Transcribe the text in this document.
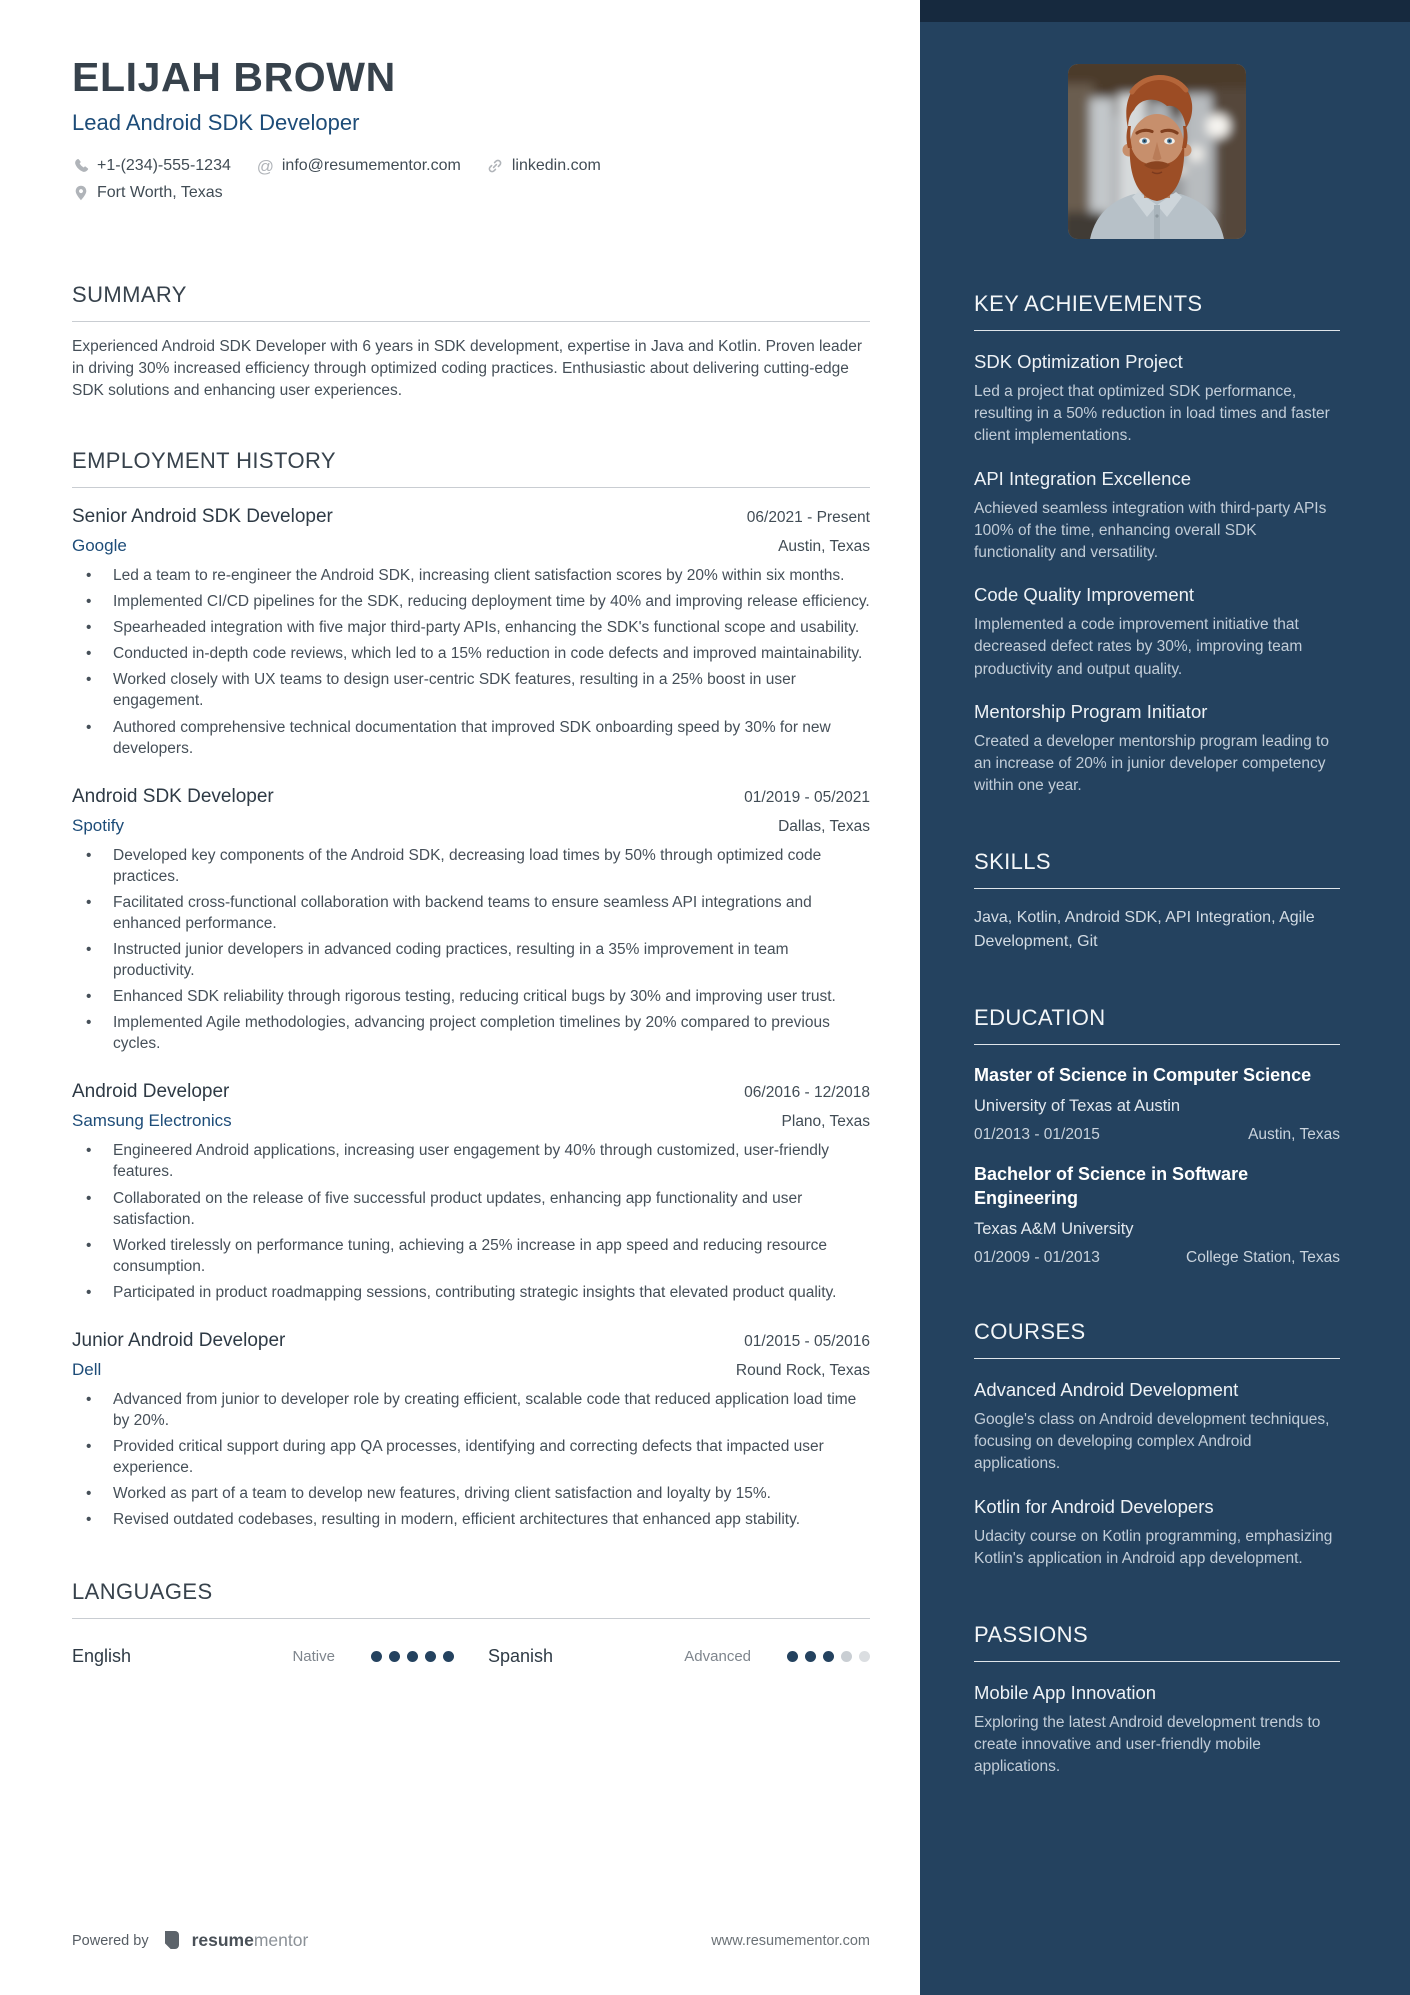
ELIJAH BROWN
Lead Android SDK Developer
+1-(234)-555-1234 @ info@resumementor.com	linkedin.com
Fort Worth, Texas
SUMMARY

Experienced Android SDK Developer with 6 years in SDK development, expertise in Java and Kotlin. Proven leader in driving 30% increased efficiency through optimized coding practices. Enthusiastic about delivering cutting-edge SDK solutions and enhancing user experiences.

EMPLOYMENT HISTORY
Senior Android SDK Developer	06/2021 - Present
Google	Austin, Texas
• Led a team to re-engineer the Android SDK, increasing client satisfaction scores by 20% within six months.
• Implemented CI/CD pipelines for the SDK, reducing deployment time by 40% and improving release efficiency.
• Spearheaded integration with five major third-party APIs, enhancing the SDK's functional scope and usability.
• Conducted in-depth code reviews, which led to a 15% reduction in code defects and improved maintainability.
• Worked closely with UX teams to design user-centric SDK features, resulting in a 25% boost in user engagement.
• Authored comprehensive technical documentation that improved SDK onboarding speed by 30% for new developers.
Android SDK Developer	01/2019 - 05/2021
Spotify	Dallas, Texas
• Developed key components of the Android SDK, decreasing load times by 50% through optimized code practices.
• Facilitated cross-functional collaboration with backend teams to ensure seamless API integrations and enhanced performance.
• Instructed junior developers in advanced coding practices, resulting in a 35% improvement in team productivity.
• Enhanced SDK reliability through rigorous testing, reducing critical bugs by 30% and improving user trust.
• Implemented Agile methodologies, advancing project completion timelines by 20% compared to previous cycles.
Android Developer	06/2016 - 12/2018
Samsung Electronics	Plano, Texas
• Engineered Android applications, increasing user engagement by 40% through customized, user-friendly features.
• Collaborated on the release of five successful product updates, enhancing app functionality and user satisfaction.
• Worked tirelessly on performance tuning, achieving a 25% increase in app speed and reducing resource consumption.
• Participated in product roadmapping sessions, contributing strategic insights that elevated product quality.
Junior Android Developer	01/2015 - 05/2016
Dell	Round Rock, Texas
• Advanced from junior to developer role by creating efficient, scalable code that reduced application load time by 20%.
• Provided critical support during app QA processes, identifying and correcting defects that impacted user experience.
• Worked as part of a team to develop new features, driving client satisfaction and loyalty by 15%.
• Revised outdated codebases, resulting in modern, efficient architectures that enhanced app stability.
LANGUAGES
English	Native	Spanish	Advanced
Powered by resume mentor	www.resumementor.com
KEY ACHIEVEMENTS
SDK Optimization Project

Led a project that optimized SDK performance, resulting in a 50% reduction in load times and faster client implementations.

API Integration Excellence

Achieved seamless integration with third-party APIs 100% of the time, enhancing overall SDK functionality and versatility.

Code Quality Improvement

Implemented a code improvement initiative that decreased defect rates by 30%, improving team productivity and output quality.

Mentorship Program Initiator

Created a developer mentorship program leading to an increase of 20% in junior developer competency within one year.

SKILLS

Java, Kotlin, Android SDK, API Integration, Agile Development, Git

EDUCATION
Master of Science in Computer Science
University of Texas at Austin
01/2013 - 01/2015	Austin, Texas
Bachelor of Science in Software Engineering
Texas A&M University
01/2009 - 01/2013	College Station, Texas
COURSES
Advanced Android Development

Google's class on Android development techniques, focusing on developing complex Android applications.

Kotlin for Android Developers

Udacity course on Kotlin programming, emphasizing Kotlin's application in Android app development.

PASSIONS
Mobile App Innovation

Exploring the latest Android development trends to create innovative and user-friendly mobile applications.
